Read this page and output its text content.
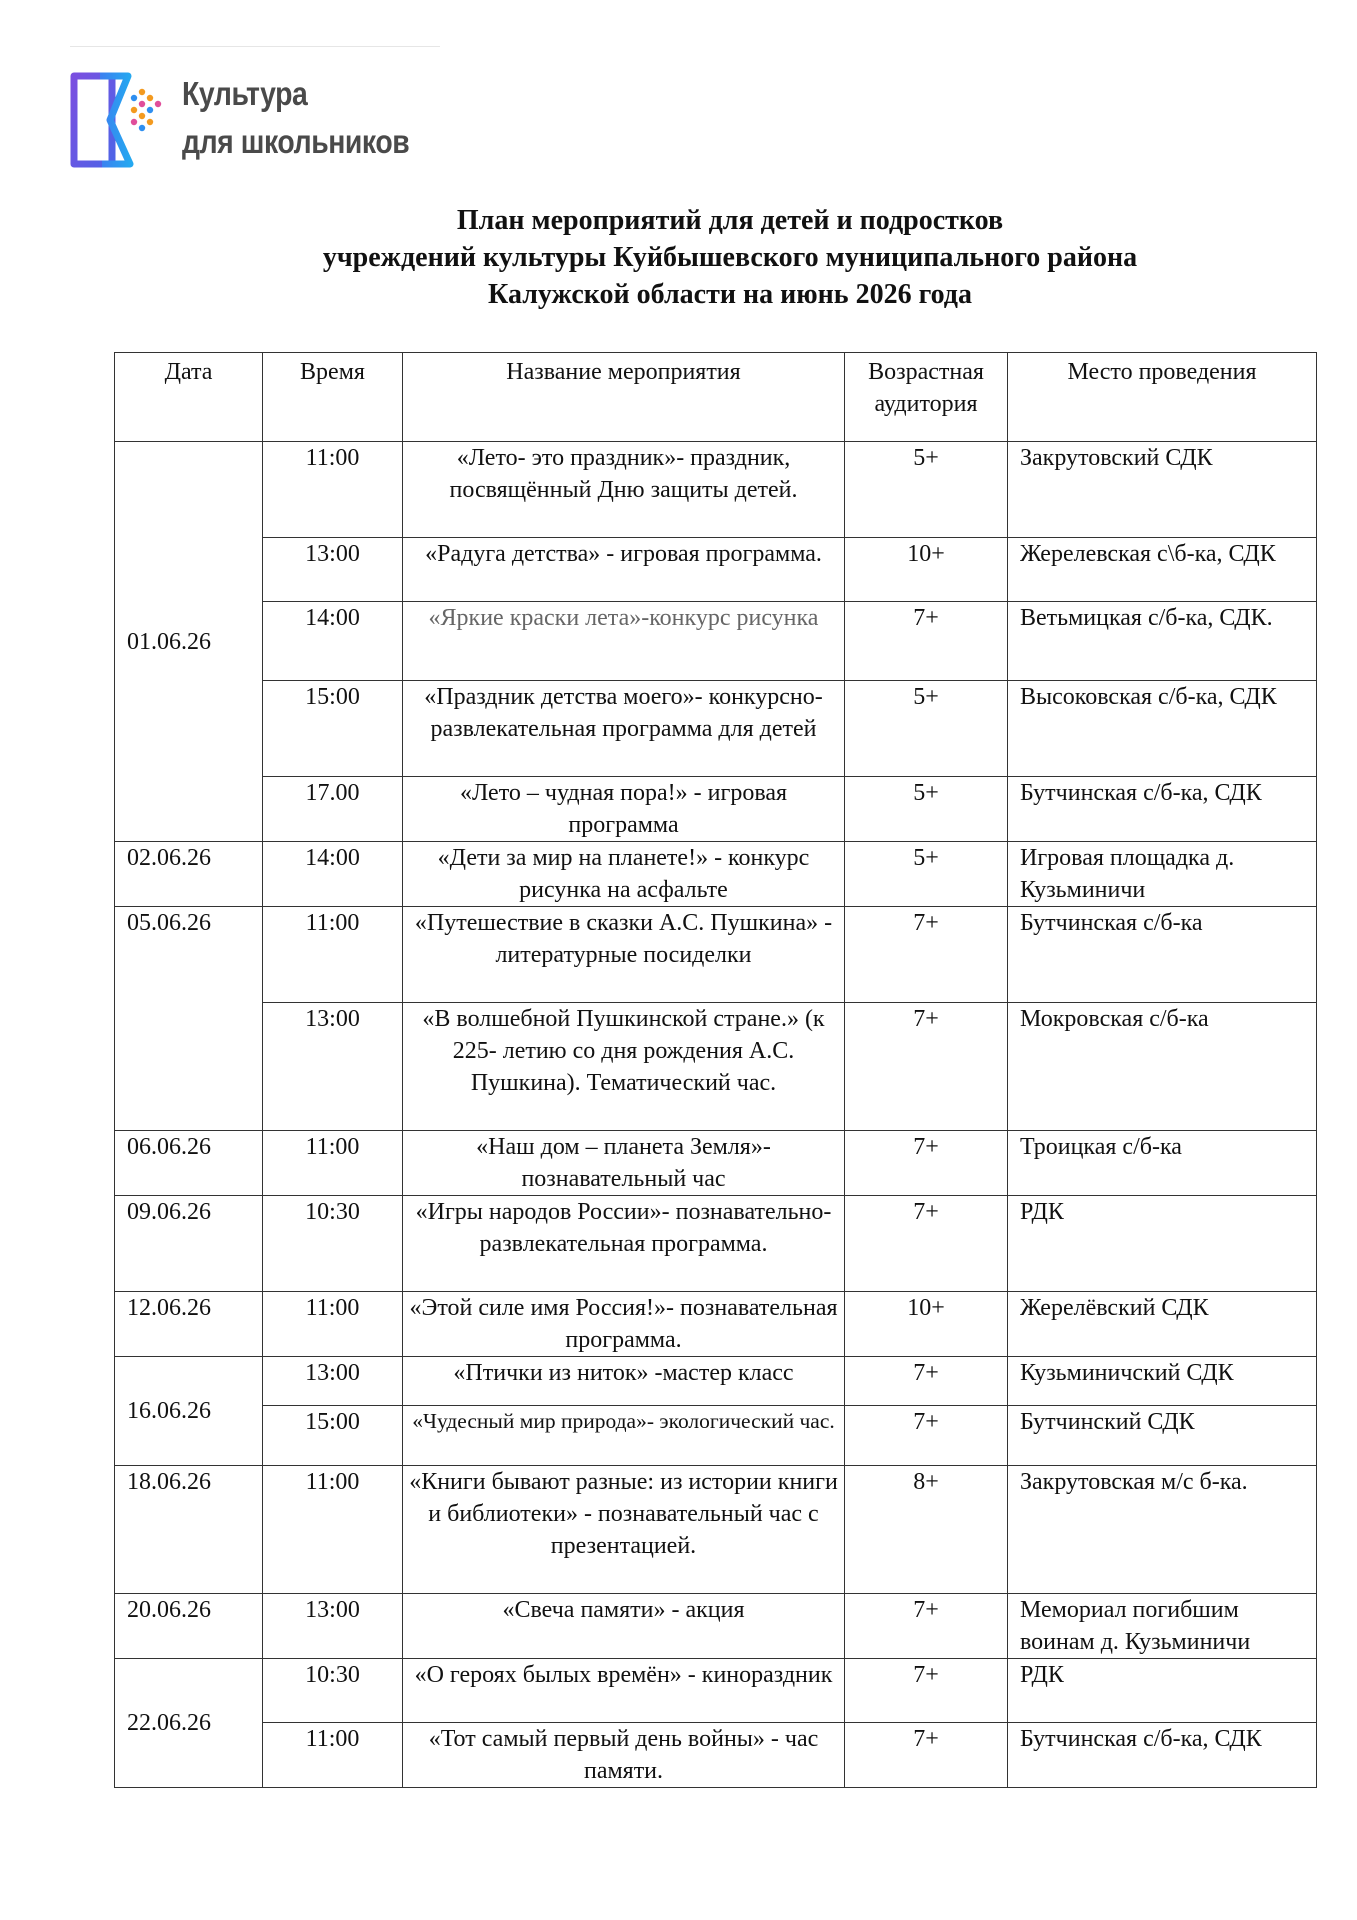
Культура
для школьников
План мероприятий для детей и подростков
учреждений культуры Куйбышевского муниципального района
Калужской области на июнь 2026 года
Дата	Время	Название мероприятия	Возрастная аудитория	Место проведения
01.06.26	11:00	«Лето- это праздник»- праздник, посвящённый Дню защиты детей.	5+	Закрутовский СДК
	13:00	«Радуга детства» - игровая программа.	10+	Жерелевская с\б-ка, СДК
	14:00	«Яркие краски лета»-конкурс рисунка	7+	Ветьмицкая с/б-ка, СДК.
	15:00	«Праздник детства моего»- конкурсно-развлекательная программа для детей	5+	Высоковская с/б-ка, СДК
	17.00	«Лето – чудная пора!» - игровая программа	5+	Бутчинская с/б-ка, СДК
02.06.26	14:00	«Дети за мир на планете!» - конкурс рисунка на асфальте	5+	Игровая площадка д. Кузьминичи
05.06.26	11:00	«Путешествие в сказки А.С. Пушкина» - литературные посиделки	7+	Бутчинская с/б-ка
	13:00	«В волшебной Пушкинской стране.» (к 225- летию со дня рождения А.С. Пушкина). Тематический час.	7+	Мокровская с/б-ка
06.06.26	11:00	«Наш дом – планета Земля»- познавательный час	7+	Троицкая с/б-ка
09.06.26	10:30	«Игры народов России»- познавательно-развлекательная программа.	7+	РДК
12.06.26	11:00	«Этой силе имя Россия!»- познавательная программа.	10+	Жерелёвский СДК
16.06.26	13:00	«Птички из ниток» -мастер класс	7+	Кузьминичский СДК
	15:00	«Чудесный мир природа»- экологический час.	7+	Бутчинский СДК
18.06.26	11:00	«Книги бывают разные: из истории книги и библиотеки» - познавательный час с презентацией.	8+	Закрутовская м/с б-ка.
20.06.26	13:00	«Свеча памяти» - акция	7+	Мемориал погибшим воинам д. Кузьминичи
22.06.26	10:30	«О героях былых времён» - кинораздник	7+	РДК
	11:00	«Тот самый первый день войны» - час памяти.	7+	Бутчинская с/б-ка, СДК
